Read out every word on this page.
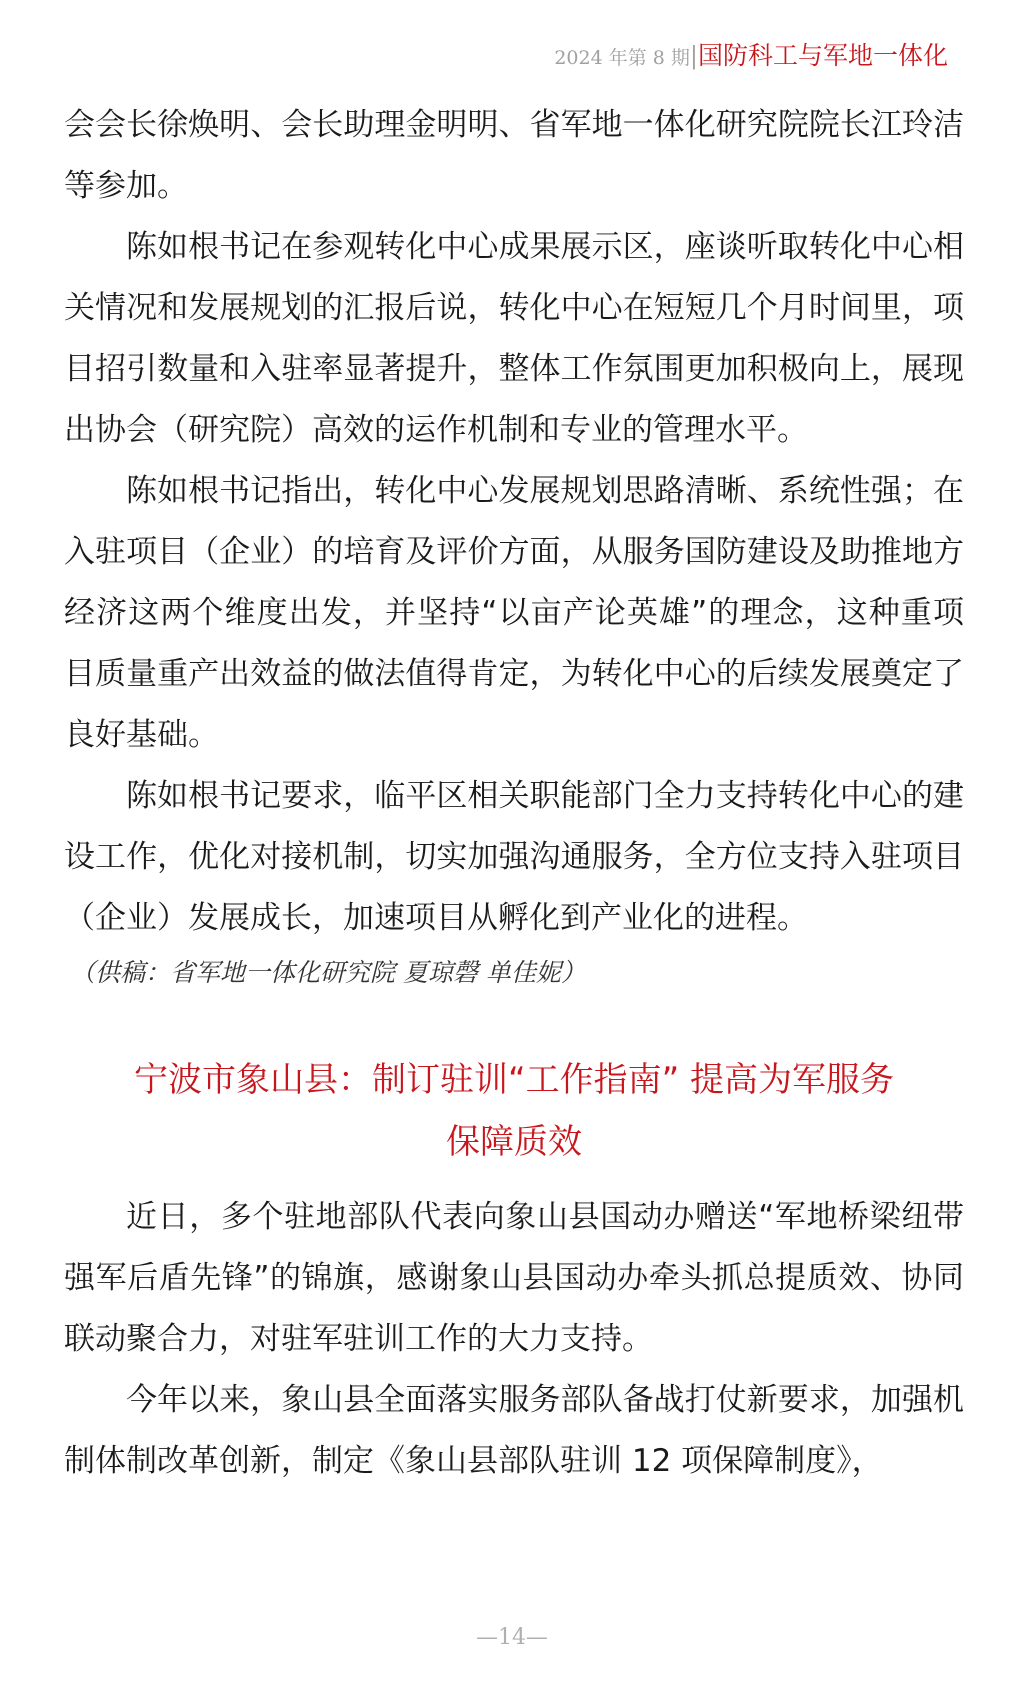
2024 年第 8 期|国防科工与军地一体化

会会长徐焕明、会长助理金明明、省军地一体化研究院院长江玲洁等参加。

陈如根书记在参观转化中心成果展示区，座谈听取转化中心相关情况和发展规划的汇报后说，转化中心在短短几个月时间里，项目招引数量和入驻率显著提升，整体工作氛围更加积极向上，展现出协会（研究院）高效的运作机制和专业的管理水平。

陈如根书记指出，转化中心发展规划思路清晰、系统性强；在入驻项目（企业）的培育及评价方面，从服务国防建设及助推地方经济这两个维度出发，并坚持“以亩产论英雄”的理念，这种重项目质量重产出效益的做法值得肯定，为转化中心的后续发展奠定了良好基础。

陈如根书记要求，临平区相关职能部门全力支持转化中心的建设工作，优化对接机制，切实加强沟通服务，全方位支持入驻项目（企业）发展成长，加速项目从孵化到产业化的进程。

（供稿：省军地一体化研究院 夏琼磬 单佳妮）

宁波市象山县：制订驻训“工作指南” 提高为军服务
保障质效

近日，多个驻地部队代表向象山县国动办赠送“军地桥梁纽带 强军后盾先锋”的锦旗，感谢象山县国动办牵头抓总提质效、协同联动聚合力，对驻军驻训工作的大力支持。

今年以来，象山县全面落实服务部队备战打仗新要求，加强机制体制改革创新，制定《象山县部队驻训 12 项保障制度》，

—14—
